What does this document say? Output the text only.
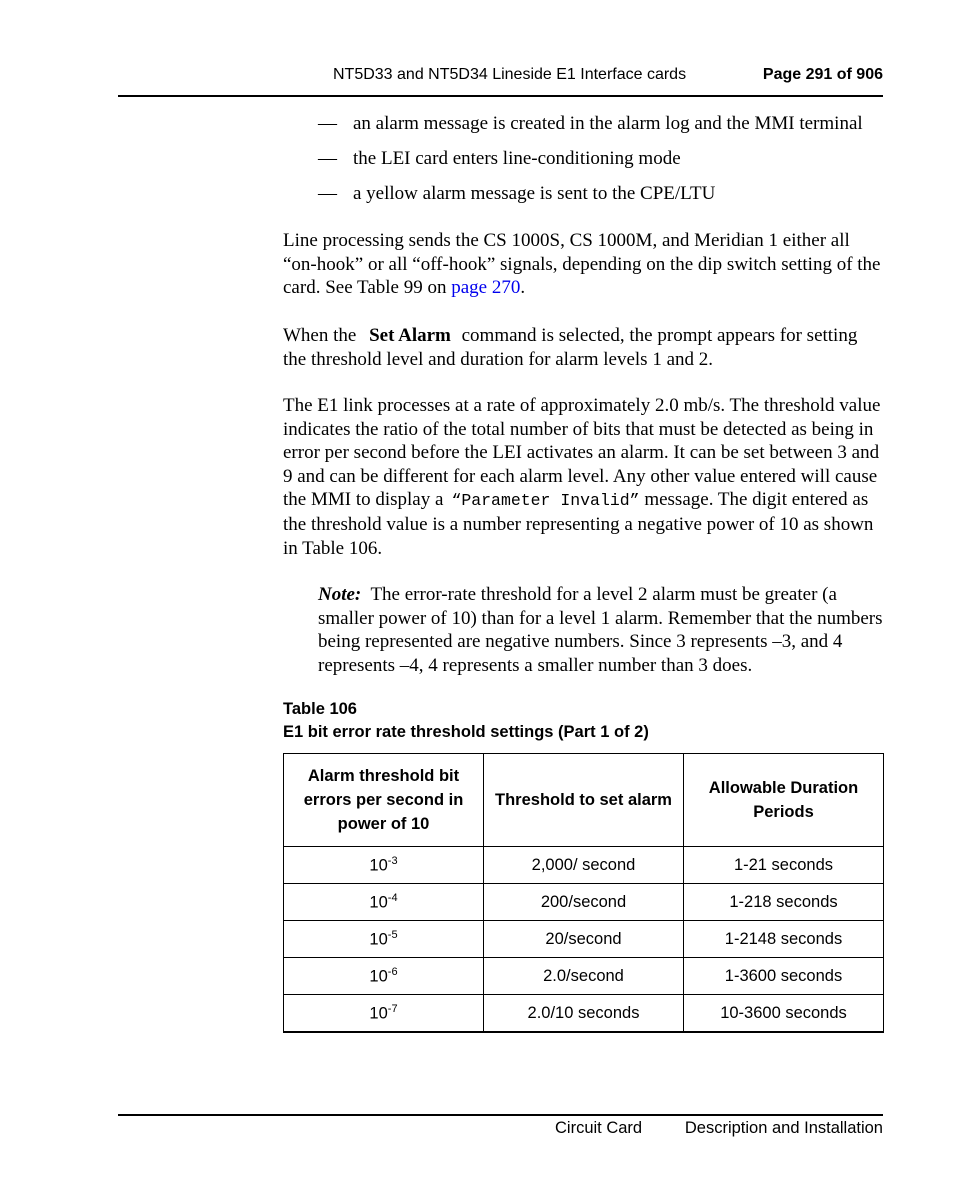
NT5D33 and NT5D34 Lineside E1 Interface cards	Page 291 of 906
— an alarm message is created in the alarm log and the MMI terminal
— the LEI card enters line-conditioning mode
— a yellow alarm message is sent to the CPE/LTU
Line processing sends the CS 1000S, CS 1000M, and Meridian 1 either all “on-hook” or all “off-hook” signals, depending on the dip switch setting of the card. See Table 99 on page 270.
When the Set Alarm command is selected, the prompt appears for setting the threshold level and duration for alarm levels 1 and 2.
The E1 link processes at a rate of approximately 2.0 mb/s. The threshold value indicates the ratio of the total number of bits that must be detected as being in error per second before the LEI activates an alarm. It can be set between 3 and 9 and can be different for each alarm level. Any other value entered will cause the MMI to display a “Parameter Invalid” message. The digit entered as the threshold value is a number representing a negative power of 10 as shown in Table 106.
Note: The error-rate threshold for a level 2 alarm must be greater (a smaller power of 10) than for a level 1 alarm. Remember that the numbers being represented are negative numbers. Since 3 represents –3, and 4 represents –4, 4 represents a smaller number than 3 does.
Table 106
E1 bit error rate threshold settings (Part 1 of 2)
Alarm threshold bit errors per second in power of 10	Threshold to set alarm	Allowable Duration Periods
$10^{-3}$	2,000/ second	1-21 seconds
$10^{-4}$	200/second	1-218 seconds
$10^{-5}$	20/second	1-2148 seconds
$10^{-6}$	2.0/second	1-3600 seconds
$10^{-7}$	2.0/10 seconds	10-3600 seconds
Circuit Card	Description and Installation
